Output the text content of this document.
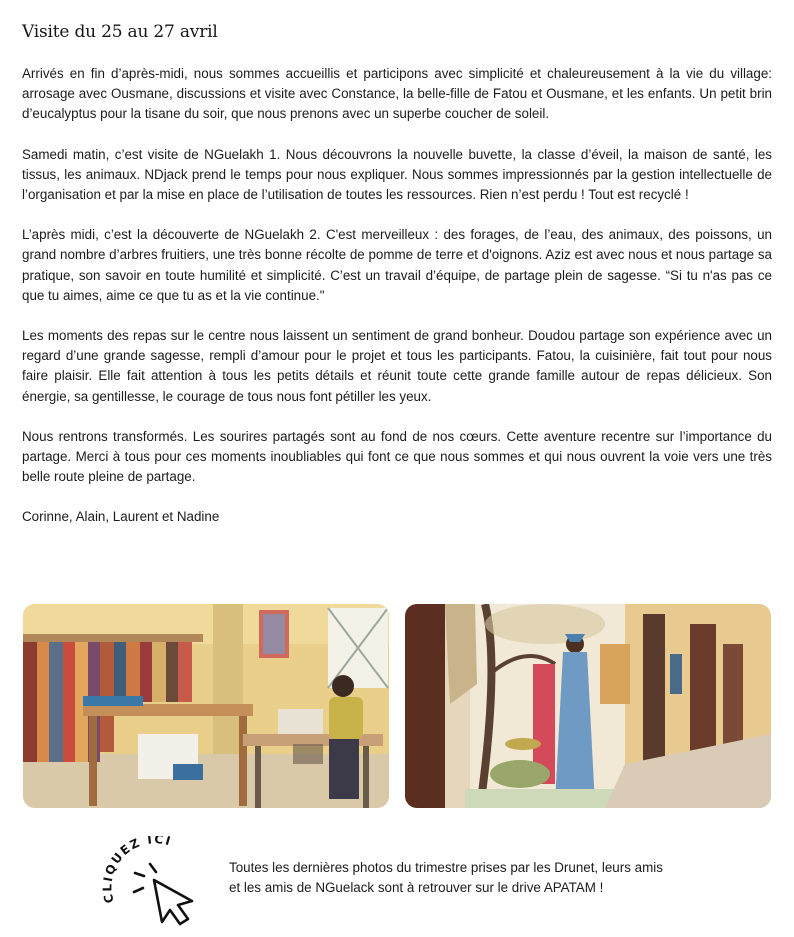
Visite du 25 au 27 avril

Arrivés en fin d’après-midi, nous sommes accueillis et participons avec simplicité et chaleureusement à la vie du village: arrosage avec Ousmane, discussions et visite avec Constance, la belle-fille de Fatou et Ousmane, et les enfants. Un petit brin d’eucalyptus pour la tisane du soir, que nous prenons avec un superbe coucher de soleil.

Samedi matin, c’est visite de NGuelakh 1. Nous découvrons la nouvelle buvette, la classe d’éveil, la maison de santé, les tissus, les animaux. NDjack prend le temps pour nous expliquer. Nous sommes impressionnés par la gestion intellectuelle de l’organisation et par la mise en place de l’utilisation de toutes les ressources. Rien n’est perdu ! Tout est recyclé !

L’après midi, c’est la découverte de NGuelakh 2. C'est merveilleux : des forages, de l’eau, des animaux, des poissons, un grand nombre d’arbres fruitiers, une très bonne récolte de pomme de terre et d'oignons. Aziz est avec nous et nous partage sa pratique, son savoir en toute humilité et simplicité. C’est un travail d’équipe, de partage plein de sagesse. “Si tu n'as pas ce que tu aimes, aime ce que tu as et la vie continue."

Les moments des repas sur le centre nous laissent un sentiment de grand bonheur. Doudou partage son expérience avec un regard d’une grande sagesse, rempli d’amour pour le projet et tous les participants. Fatou, la cuisinière, fait tout pour nous faire plaisir. Elle fait attention à tous les petits détails et réunit toute cette grande famille autour de repas délicieux. Son énergie, sa gentillesse, le courage de tous nous font pétiller les yeux.

Nous rentrons transformés. Les sourires partagés sont au fond de nos cœurs. Cette aventure recentre sur l’importance du partage. Merci à tous pour ces moments inoubliables qui font ce que nous sommes et qui nous ouvrent la voie vers une très belle route pleine de partage.

Corinne, Alain, Laurent et Nadine

CLIQUEZ ICI
Toutes les dernières photos du trimestre prises par les Drunet, leurs amis
et les amis de NGuelack sont à retrouver sur le drive APATAM !
